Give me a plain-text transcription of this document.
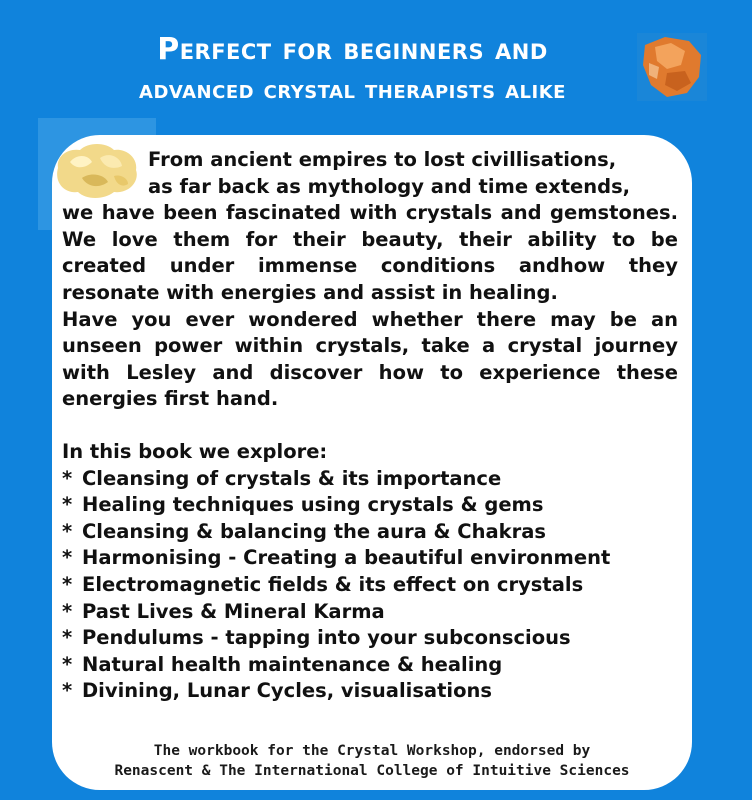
Perfect for beginners and
advanced crystal therapists alike

From ancient empires to lost civillisations,

as far back as mythology and time extends,

we have been fascinated with crystals and gemstones. We love them for their beauty, their ability to be created under immense conditions andhow they resonate with energies and assist in healing.

Have you ever wondered whether there may be an unseen power within crystals, take a crystal journey with Lesley and discover how to experience these energies first hand.

In this book we explore:

* Cleansing of crystals & its importance
* Healing techniques using crystals & gems
* Cleansing & balancing the aura & Chakras
* Harmonising - Creating a beautiful environment
* Electromagnetic fields & its effect on crystals
* Past Lives & Mineral Karma
* Pendulums - tapping into your subconscious
* Natural health maintenance & healing
* Divining, Lunar Cycles, visualisations
The workbook for the Crystal Workshop, endorsed by
Renascent & The International College of Intuitive Sciences
